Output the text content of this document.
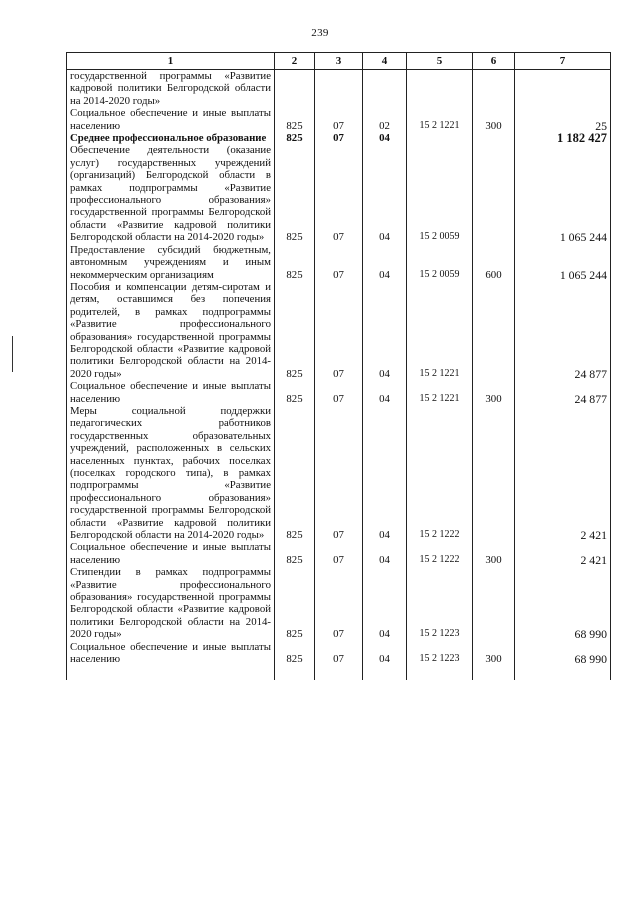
239
1	2	3	4	5	6	7
государственной программы «Развитие кадровой политики Белгородской области на 2014-2020 годы»						
Социальное обеспечение и иные выплаты населению	825	07	02	15 2 1221	300	25
Среднее профессиональное образование	825	07	04			1 182 427
Обеспечение деятельности (оказание услуг) государственных учреждений (организаций) Белгородской области в рамках подпрограммы «Развитие профессионального образования» государственной программы Белгородской области «Развитие кадровой политики Белгородской области на 2014-2020 годы»	825	07	04	15 2 0059		1 065 244
Предоставление субсидий бюджетным, автономным учреждениям и иным некоммерческим организациям	825	07	04	15 2 0059	600	1 065 244
Пособия и компенсации детям-сиротам и детям, оставшимся без попечения родителей, в рамках подпрограммы «Развитие профессионального образования» государственной программы Белгородской области «Развитие кадровой политики Белгородской области на 2014-2020 годы»	825	07	04	15 2 1221		24 877
Социальное обеспечение и иные выплаты населению	825	07	04	15 2 1221	300	24 877
Меры социальной поддержки педагогических работников государственных образовательных учреждений, расположенных в сельских населенных пунктах, рабочих поселках (поселках городского типа), в рамках подпрограммы «Развитие профессионального образования» государственной программы Белгородской области «Развитие кадровой политики Белгородской области на 2014-2020 годы»	825	07	04	15 2 1222		2 421
Социальное обеспечение и иные выплаты населению	825	07	04	15 2 1222	300	2 421
Стипендии в рамках подпрограммы «Развитие профессионального образования» государственной программы Белгородской области «Развитие кадровой политики Белгородской области на 2014-2020 годы»	825	07	04	15 2 1223		68 990
Социальное обеспечение и иные выплаты населению	825	07	04	15 2 1223	300	68 990
